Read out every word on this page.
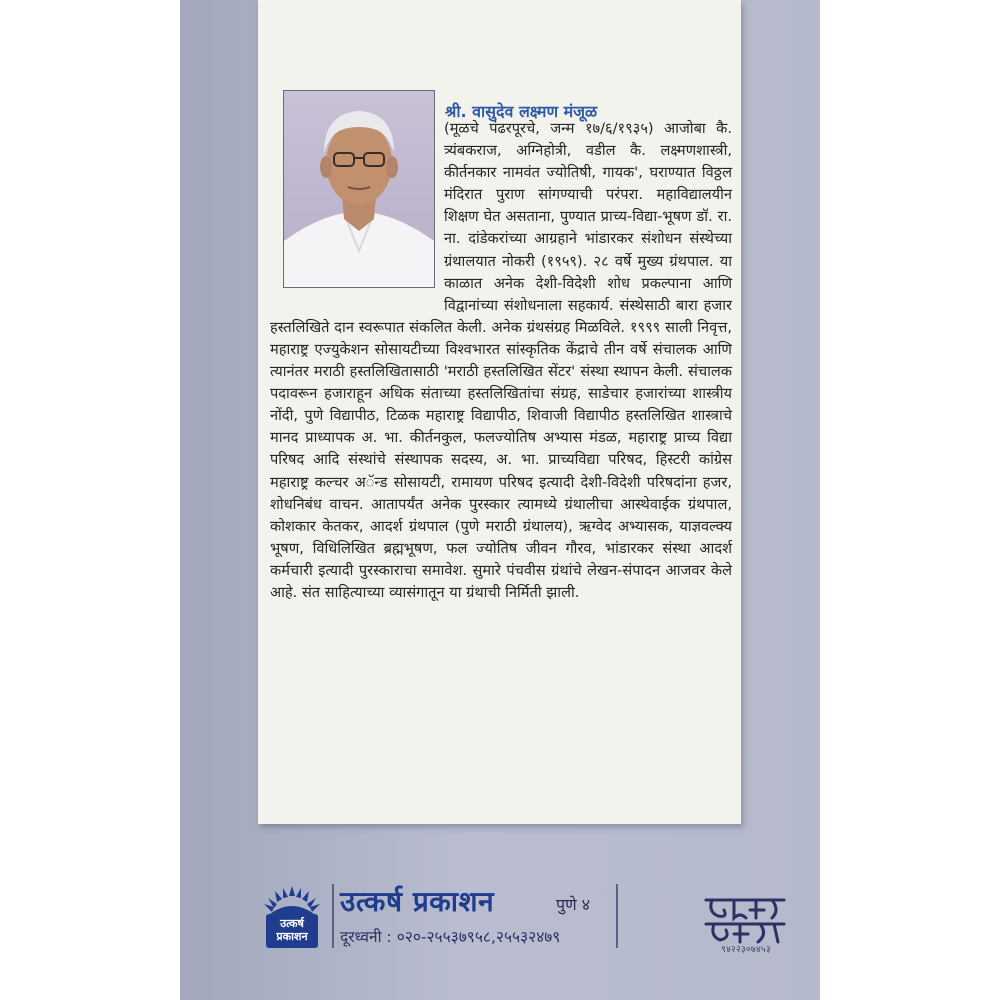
श्री. वासुदेव लक्ष्मण मंजूळ
(मूळचे पंढरपूरचे, जन्म १७/६/१९३५) आजोबा कै. त्र्यंबकराज, अग्निहोत्री, वडील कै. लक्ष्मणशास्त्री, कीर्तनकार नामवंत ज्योतिषी, गायक', घराण्यात विठ्ठल मंदिरात पुराण सांगण्याची परंपरा. महाविद्यालयीन शिक्षण घेत असताना, पुण्यात प्राच्य-विद्या-भूषण डॉ. रा. ना. दांडेकरांच्या आग्रहाने भांडारकर संशोधन संस्थेच्या ग्रंथालयात नोकरी (१९५९). २८ वर्षे मुख्य ग्रंथपाल. या काळात अनेक देशी-विदेशी शोध प्रकल्पाना आणि विद्वानांच्या संशोधनाला सहकार्य. संस्थेसाठी बारा हजार हस्तलिखिते दान स्वरूपात संकलित केली. अनेक ग्रंथसंग्रह मिळविले. १९९९ साली निवृत्त, महाराष्ट्र एज्युकेशन सोसायटीच्या विश्वभारत सांस्कृतिक केंद्राचे तीन वर्षे संचालक आणि त्यानंतर मराठी हस्तलिखितासाठी 'मराठी हस्तलिखित सेंटर' संस्था स्थापन केली. संचालक पदावरून हजाराहून अधिक संताच्या हस्तलिखितांचा संग्रह, साडेचार हजारांच्या शास्त्रीय नोंदी, पुणे विद्यापीठ, टिळक महाराष्ट्र विद्यापीठ, शिवाजी विद्यापीठ हस्तलिखित शास्त्राचे मानद प्राध्यापक अ. भा. कीर्तनकुल, फलज्योतिष अभ्यास मंडळ, महाराष्ट्र प्राच्य विद्या परिषद आदि संस्थांचे संस्थापक सदस्य, अ. भा. प्राच्यविद्या परिषद, हिस्टरी कांग्रेस महाराष्ट्र कल्चर अॅन्ड सोसायटी, रामायण परिषद इत्यादी देशी-विदेशी परिषदांना हजर, शोधनिबंध वाचन. आतापर्यंत अनेक पुरस्कार त्यामध्ये ग्रंथालीचा आस्थेवाईक ग्रंथपाल, कोशकार केतकर, आदर्श ग्रंथपाल (पुणे मराठी ग्रंथालय), ऋग्वेद अभ्यासक, याज्ञवल्क्य भूषण, विधिलिखित ब्रह्मभूषण, फल ज्योतिष जीवन गौरव, भांडारकर संस्था आदर्श कर्मचारी इत्यादी पुरस्काराचा समावेश. सुमारे पंचवीस ग्रंथांचे लेखन-संपादन आजवर केले आहे. संत साहित्याच्या व्यासंगातून या ग्रंथाची निर्मिती झाली.
उत्कर्ष
प्रकाशन
उत्कर्ष प्रकाशन	पुणे ४
दूरध्वनी : ०२०-२५५३७९५८,२५५३२४७९
९४२२३०७४५३
